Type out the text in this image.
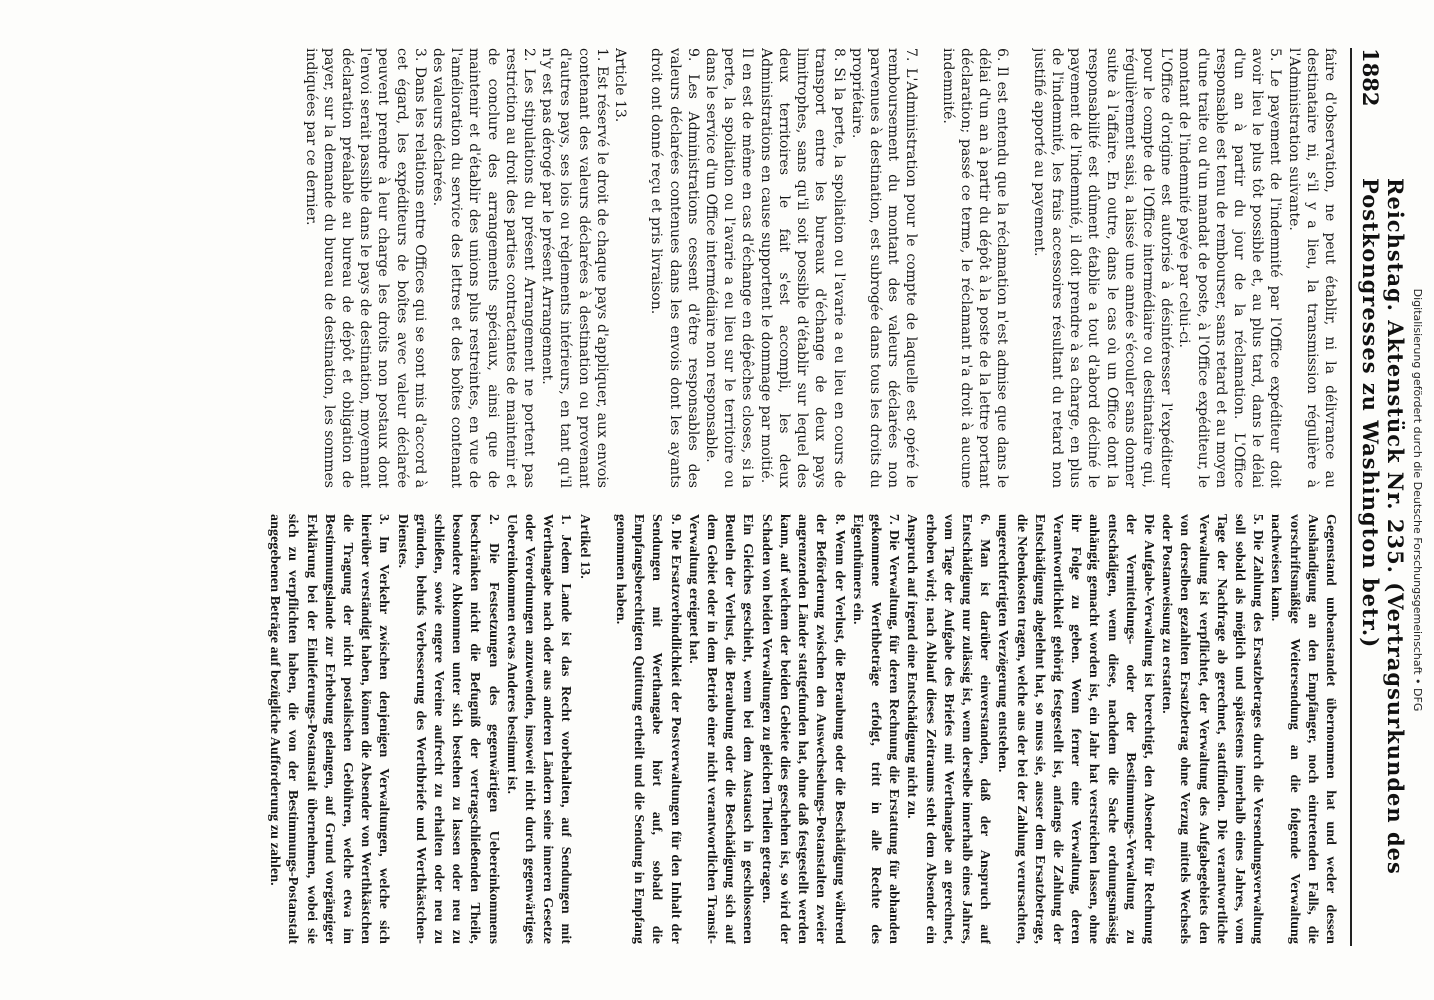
Digitalisierung gefördert durch die Deutsche Forschungsgemeinschaft • DFG
1882
Reichstag. Aktenstück Nr. 235. (Vertragsurkunden des Postkongresses zu Washington betr.)
faire d'observation, ne peut établir, ni la délivrance au destinataire ni, s'il y a lieu, la transmission régulière à l'Administration suivante.
5. Le payement de l'indemnité par l'Office expéditeur doit avoir lieu le plus tôt possible et, au plus tard, dans le délai d'un an à partir du jour de la réclamation. L'Office responsable est tenu de rembourser, sans retard et au moyen d'une traite ou d'un mandat de poste, à l'Office expéditeur, le montant de l'indemnité payée par celui-ci.
L'Office d'origine est autorisé à désintéresser l'expéditeur pour le compte de l'Office intermédiaire ou destinataire qui, régulièrement saisi, a laissé une année s'écouler sans donner suite à l'affaire. En outre, dans le cas où un Office dont la responsabilité est dûment établie a tout d'abord décliné le payement de l'indemnité, il doit prendre à sa charge, en plus de l'indemnité, les frais accessoires résultant du retard non justifié apporté au payement.

6. Il est entendu que la réclamation n'est admise que dans le délai d'un an à partir du dépôt à la poste de la lettre portant déclaration; passé ce terme, le réclamant n'a droit à aucune indemnité.

7. L'Administration pour le compte de laquelle est opéré le remboursement du montant des valeurs déclarées non parvenues à destination, est subrogée dans tous les droits du propriétaire.
8. Si la perte, la spoliation ou l'avarie a eu lieu en cours de transport entre les bureaux d'échange de deux pays limitrophes, sans qu'il soit possible d'établir sur lequel des deux territoires le fait s'est accompli, les deux Administrations en cause supportent le dommage par moitié.
Il en est de même en cas d'échange en dépêches closes, si la perte, la spoliation ou l'avarie a eu lieu sur le territoire ou dans le service d'un Office intermédiaire non responsable.
9. Les Administrations cessent d'être responsables des valeurs déclarées contenues dans les envois dont les ayants droit ont donné reçu et pris livraison.

Article 13.
1. Est réservé le droit de chaque pays d'appliquer, aux envois contenant des valeurs déclarées à destination ou provenant d'autres pays, ses lois ou règlements intérieurs, en tant qu'il n'y est pas dérogé par le présent Arrangement.
2. Les stipulations du présent Arrangement ne portent pas restriction au droit des parties contractantes de maintenir et de conclure des arrangements spéciaux, ainsi que de maintenir et d'établir des unions plus restreintes, en vue de l'amélioration du service des lettres et des boîtes contenant des valeurs déclarées.
3. Dans les relations entre Offices qui se sont mis d'accord à cet égard, les expéditeurs de boîtes avec valeur déclarée peuvent prendre à leur charge les droits non postaux dont l'envoi serait passible dans le pays de destination, moyennant déclaration préalable au bureau de dépôt et obligation de payer, sur la demande du bureau de destination, les sommes indiquées par ce dernier.
Gegenstand unbeanstandet übernommen hat und weder dessen Aushändigung an den Empfänger, noch eintretenden Falls, die vorschriftsmäßige Weitersendung an die folgende Verwaltung nachweisen kann.
5. Die Zahlung des Ersatzbetrages durch die Versendungsverwaltung soll sobald als möglich und spätestens innerhalb eines Jahres, vom Tage der Nachfrage ab gerechnet, stattfinden. Die verantwortliche Verwaltung ist verpflichtet, der Verwaltung des Aufgabegebiets den von derselben gezahlten Ersatzbetrag ohne Verzug mittels Wechsels oder Postanweisung zu erstatten.
Die Aufgabe-Verwaltung ist berechtigt, den Absender für Rechnung der Vermittelungs- oder der Bestimmungs-Verwaltung zu entschädigen, wenn diese, nachdem die Sache ordnungsmässig anhängig gemacht worden ist, ein Jahr hat verstreichen lassen, ohne ihr Folge zu geben. Wenn ferner eine Verwaltung, deren Verantwortlichkeit gehörig festgestellt ist, anfangs die Zahlung der Entschädigung abgelehnt hat, so muss sie, ausser dem Ersatzbetrage, die Nebenkosten tragen, welche aus der bei der Zahlung verursachten, ungerechtfertigten Verzögerung entstehen.
6. Man ist darüber einverstanden, daß der Anspruch auf Entschädigung nur zulässig ist, wenn derselbe innerhalb eines Jahres, vom Tage der Aufgabe des Briefes mit Werthangabe an gerechnet, erhoben wird; nach Ablauf dieses Zeitraums steht dem Absender ein Anspruch auf irgend eine Entschädigung nicht zu.
7. Die Verwaltung, für deren Rechnung die Erstattung für abhanden gekommene Werthbeträge erfolgt, tritt in alle Rechte des Eigenthümers ein.
8. Wenn der Verlust, die Beraubung oder die Beschädigung während der Beförderung zwischen den Auswechselungs-Postanstalten zweier angrenzenden Länder stattgefunden hat, ohne daß festgestellt werden kann, auf welchem der beiden Gebiete dies geschehen ist, so wird der Schaden von beiden Verwaltungen zu gleichen Theilen getragen.
Ein Gleiches geschieht, wenn bei dem Austausch in geschlossenen Beuteln der Verlust, die Beraubung oder die Beschädigung sich auf dem Gebiet oder in dem Betrieb einer nicht verantwortlichen Transit-Verwaltung ereignet hat.
9. Die Ersatzverbindlichkeit der Postverwaltungen für den Inhalt der Sendungen mit Werthangabe hört auf, sobald die Empfangsberechtigten Quittung ertheilt und die Sendung in Empfang genommen haben.

Artikel 13.
1. Jedem Lande ist das Recht vorbehalten, auf Sendungen mit Werthangabe nach oder aus anderen Ländern seine inneren Gesetze oder Verordnungen anzuwenden, insoweit nicht durch gegenwärtiges Uebereinkommen etwas Anderes bestimmt ist.
2. Die Festsetzungen des gegenwärtigen Uebereinkommens beschränken nicht die Befugniß der vertragschließenden Theile, besondere Abkommen unter sich bestehen zu lassen oder neu zu schließen, sowie engere Vereine aufrecht zu erhalten oder neu zu gründen, behufs Verbesserung des Werthbriefe und Werthkästchen-Dienstes.
3. Im Verkehr zwischen denjenigen Verwaltungen, welche sich hierüber verständigt haben, können die Absender von Werthkästchen die Tragung der nicht postalischen Gebühren, welche etwa im Bestimmungslande zur Erhebung gelangen, auf Grund vorgängiger Erklärung bei der Einlieferungs-Postanstalt übernehmen, wobei sie sich zu verpflichten haben, die von der Bestimmungs-Postanstalt angegebenen Beträge auf bezügliche Aufforderung zu zahlen.
